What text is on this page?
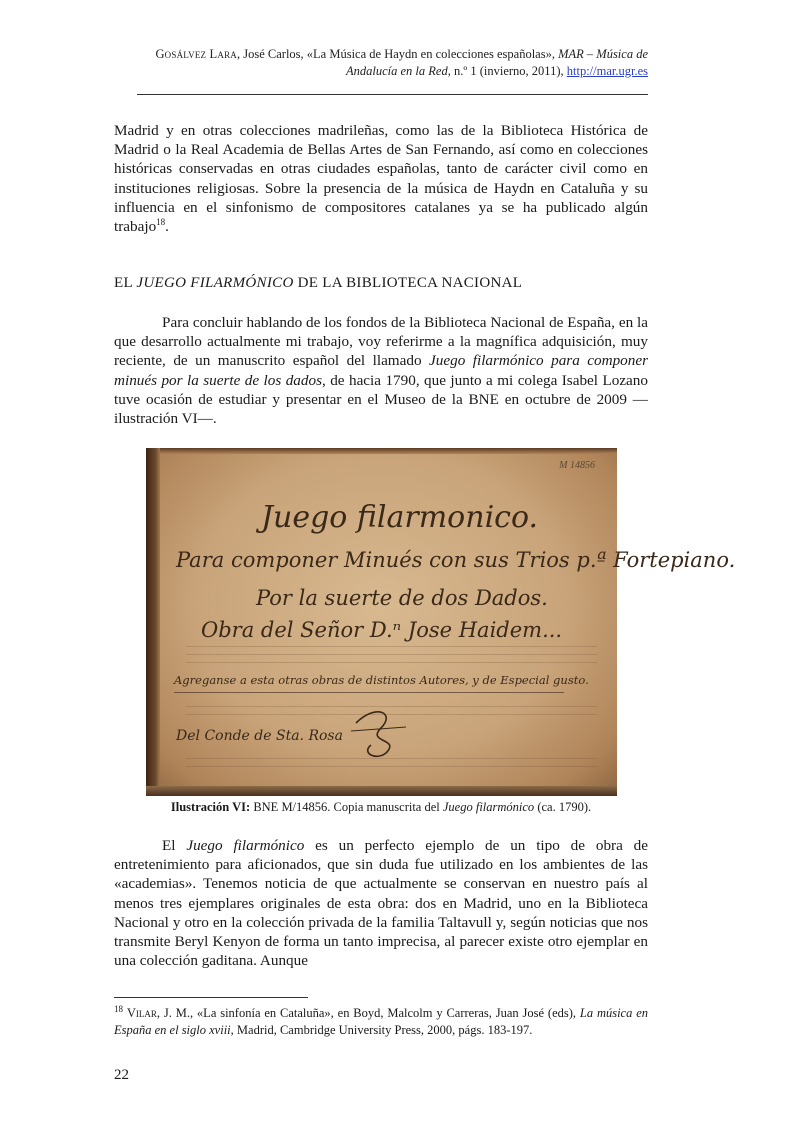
Gosálvez Lara, José Carlos, «La Música de Haydn en colecciones españolas», MAR – Música de Andalucía en la Red, n.º 1 (invierno, 2011), http://mar.ugr.es
Madrid y en otras colecciones madrileñas, como las de la Biblioteca Histórica de Madrid o la Real Academia de Bellas Artes de San Fernando, así como en colecciones históricas conservadas en otras ciudades españolas, tanto de carácter civil como en instituciones religiosas. Sobre la presencia de la música de Haydn en Cataluña y su influencia en el sinfonismo de compositores catalanes ya se ha publicado algún trabajo$^{18}$.
EL JUEGO FILARMÓNICO DE LA BIBLIOTECA NACIONAL
Para concluir hablando de los fondos de la Biblioteca Nacional de España, en la que desarrollo actualmente mi trabajo, voy referirme a la magnífica adquisición, muy reciente, de un manuscrito español del llamado Juego filarmónico para componer minués por la suerte de los dados, de hacia 1790, que junto a mi colega Isabel Lozano tuve ocasión de estudiar y presentar en el Museo de la BNE en octubre de 2009 —ilustración VI—.
M 14856
Juego filarmonico.
Para componer Minués con sus Trios p.ª Fortepiano.
Por la suerte de dos Dados.
Obra del Señor D.ⁿ Jose Haidem...
Agreganse a esta otras obras de distintos Autores, y de Especial gusto.
Del Conde de Sta. Rosa
Ilustración VI: BNE M/14856. Copia manuscrita del Juego filarmónico (ca. 1790).
El Juego filarmónico es un perfecto ejemplo de un tipo de obra de entretenimiento para aficionados, que sin duda fue utilizado en los ambientes de las «academias». Tenemos noticia de que actualmente se conservan en nuestro país al menos tres ejemplares originales de esta obra: dos en Madrid, uno en la Biblioteca Nacional y otro en la colección privada de la familia Taltavull y, según noticias que nos transmite Beryl Kenyon de forma un tanto imprecisa, al parecer existe otro ejemplar en una colección gaditana. Aunque
$^{18}$ Vilar, J. M., «La sinfonía en Cataluña», en Boyd, Malcolm y Carreras, Juan José (eds), La música en España en el siglo xviii, Madrid, Cambridge University Press, 2000, págs. 183-197.
22
